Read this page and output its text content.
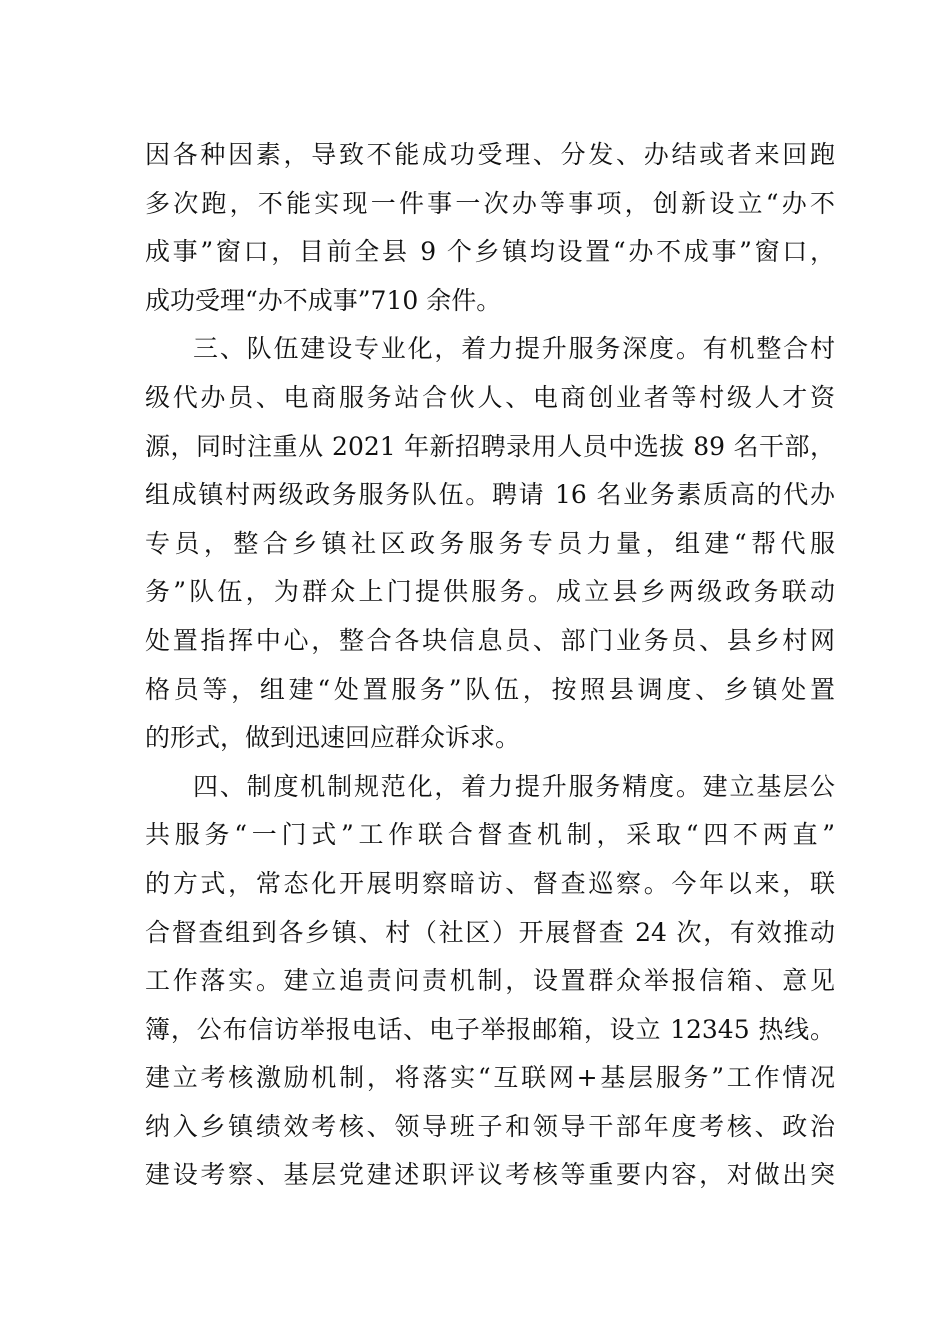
因各种因素，导致不能成功受理、分发、办结或者来回跑
多次跑，不能实现一件事一次办等事项，创新设立“办不
成事”窗口，目前全县 9 个乡镇均设置“办不成事”窗口，
成功受理“办不成事”710 余件。
三、队伍建设专业化，着力提升服务深度。有机整合村
级代办员、电商服务站合伙人、电商创业者等村级人才资
源，同时注重从 2021 年新招聘录用人员中选拔 89 名干部，
组成镇村两级政务服务队伍。聘请 16 名业务素质高的代办
专员，整合乡镇社区政务服务专员力量，组建“帮代服
务”队伍，为群众上门提供服务。成立县乡两级政务联动
处置指挥中心，整合各块信息员、部门业务员、县乡村网
格员等，组建“处置服务”队伍，按照县调度、乡镇处置
的形式，做到迅速回应群众诉求。
四、制度机制规范化，着力提升服务精度。建立基层公
共服务“一门式”工作联合督查机制，采取“四不两直”
的方式，常态化开展明察暗访、督查巡察。今年以来，联
合督查组到各乡镇、村（社区）开展督查 24 次，有效推动
工作落实。建立追责问责机制，设置群众举报信箱、意见
簿，公布信访举报电话、电子举报邮箱，设立 12345 热线。
建立考核激励机制，将落实“互联网+基层服务”工作情况
纳入乡镇绩效考核、领导班子和领导干部年度考核、政治
建设考察、基层党建述职评议考核等重要内容，对做出突
